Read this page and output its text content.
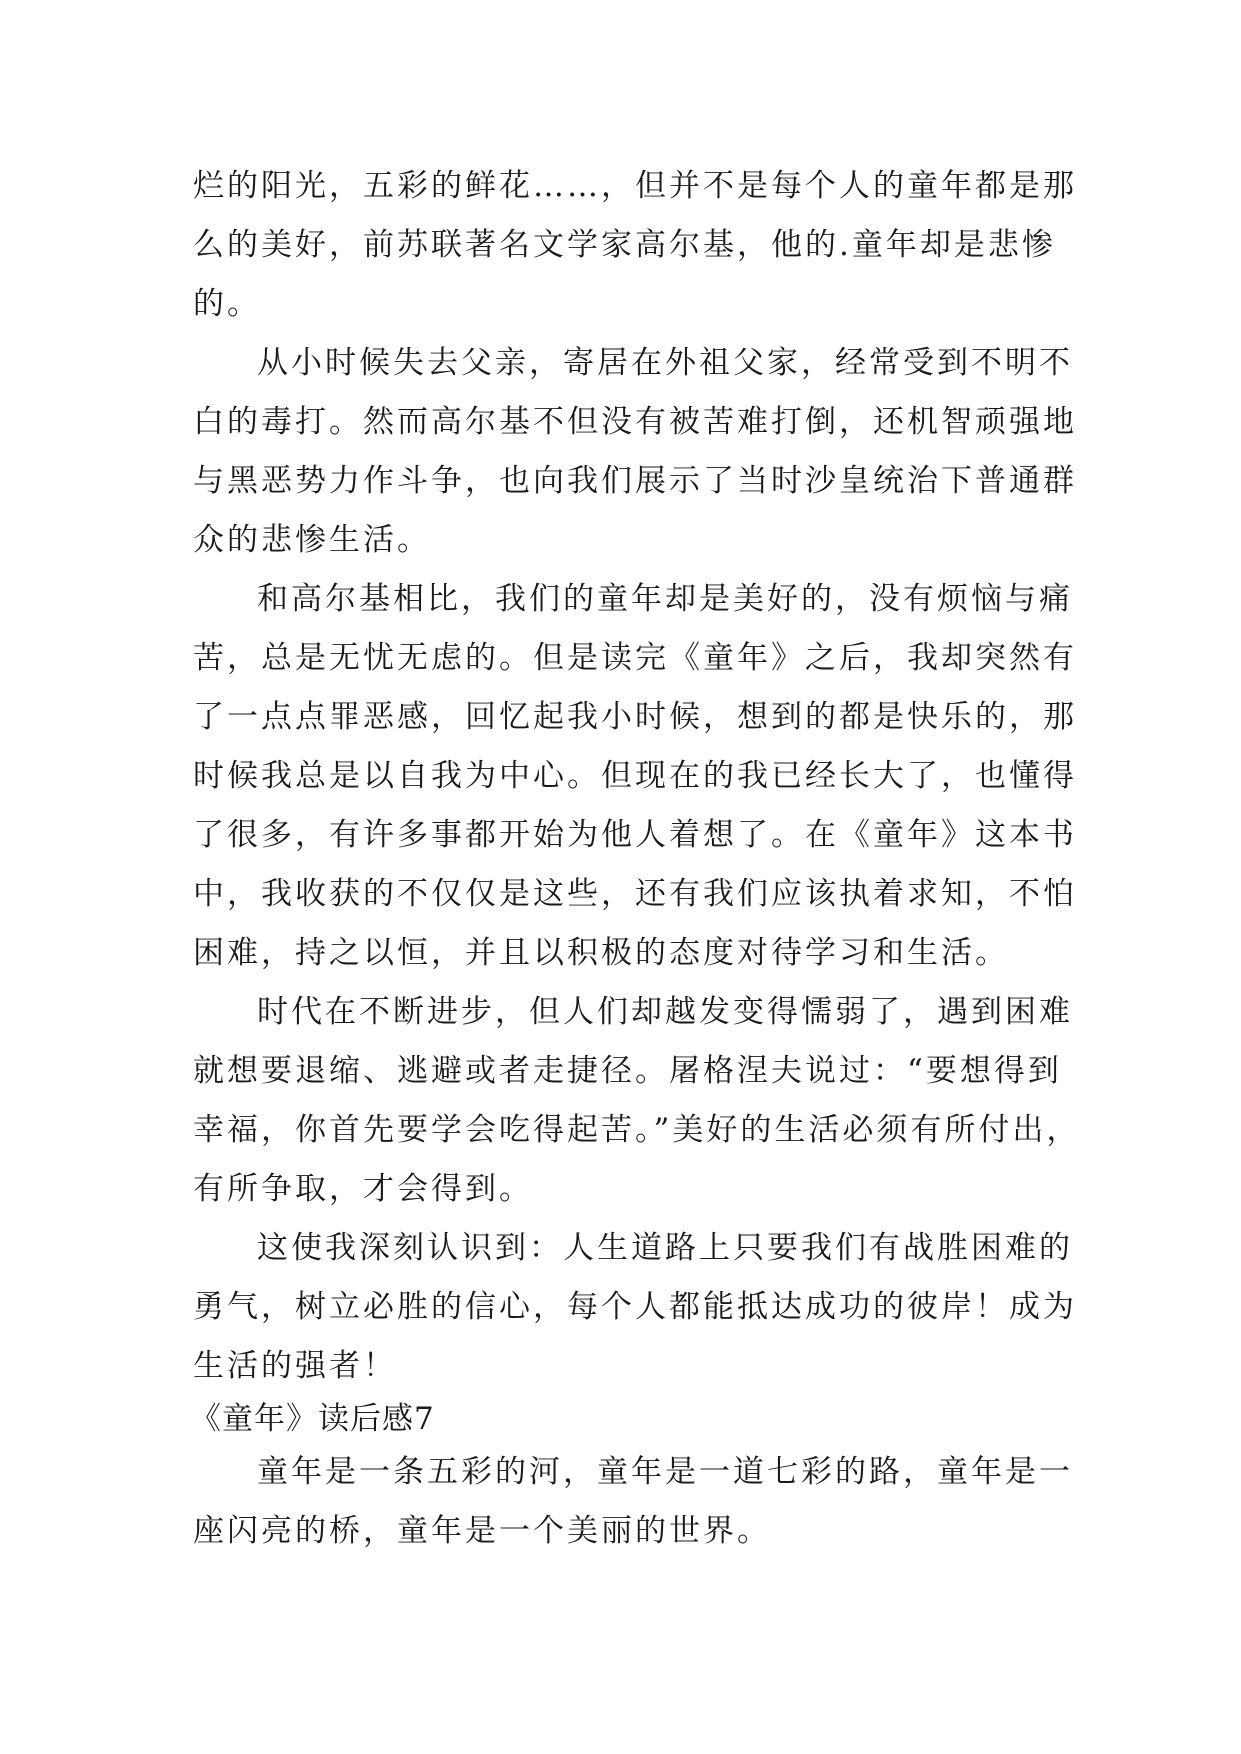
烂的阳光，五彩的鲜花……，但并不是每个人的童年都是那
么的美好，前苏联著名文学家高尔基，他的.童年却是悲惨
的。
从小时候失去父亲，寄居在外祖父家，经常受到不明不
白的毒打。然而高尔基不但没有被苦难打倒，还机智顽强地
与黑恶势力作斗争，也向我们展示了当时沙皇统治下普通群
众的悲惨生活。
和高尔基相比，我们的童年却是美好的，没有烦恼与痛
苦，总是无忧无虑的。但是读完《童年》之后，我却突然有
了一点点罪恶感，回忆起我小时候，想到的都是快乐的，那
时候我总是以自我为中心。但现在的我已经长大了，也懂得
了很多，有许多事都开始为他人着想了。在《童年》这本书
中，我收获的不仅仅是这些，还有我们应该执着求知，不怕
困难，持之以恒，并且以积极的态度对待学习和生活。
时代在不断进步，但人们却越发变得懦弱了，遇到困难
就想要退缩、逃避或者走捷径。屠格涅夫说过：“要想得到
幸福，你首先要学会吃得起苦。”美好的生活必须有所付出，
有所争取，才会得到。
这使我深刻认识到：人生道路上只要我们有战胜困难的
勇气，树立必胜的信心，每个人都能抵达成功的彼岸！成为
生活的强者！
《童年》读后感7
童年是一条五彩的河，童年是一道七彩的路，童年是一
座闪亮的桥，童年是一个美丽的世界。
